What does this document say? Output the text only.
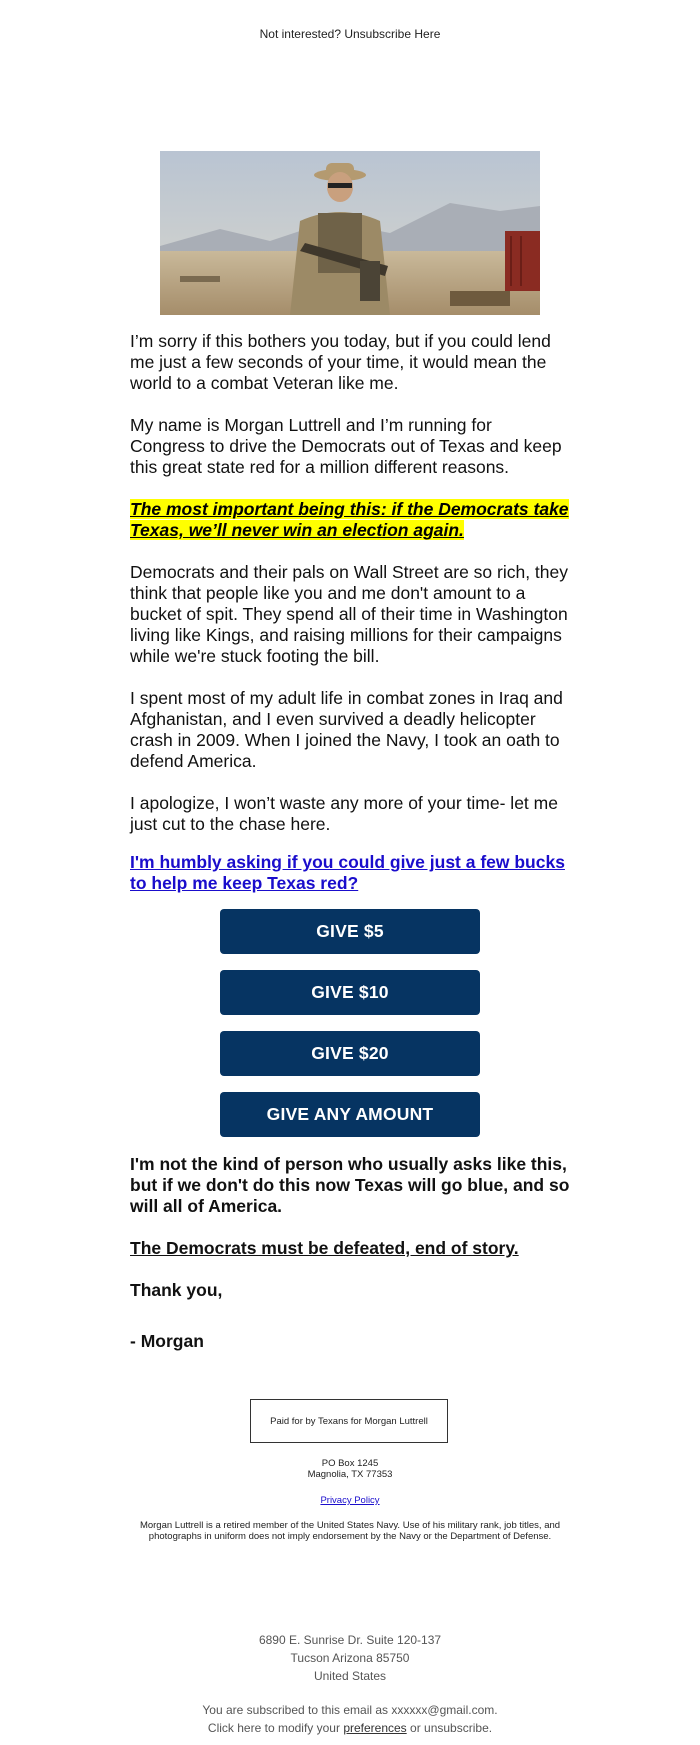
Not interested? Unsubscribe Here

I’m sorry if this bothers you today, but if you could lend me just a few seconds of your time, it would mean the world to a combat Veteran like me.

My name is Morgan Luttrell and I’m running for Congress to drive the Democrats out of Texas and keep this great state red for a million different reasons.

The most important being this: if the Democrats take Texas, we’ll never win an election again.

Democrats and their pals on Wall Street are so rich, they think that people like you and me don't amount to a bucket of spit. They spend all of their time in Washington living like Kings, and raising millions for their campaigns while we're stuck footing the bill.

I spent most of my adult life in combat zones in Iraq and Afghanistan, and I even survived a deadly helicopter crash in 2009. When I joined the Navy, I took an oath to defend America.

I apologize, I won’t waste any more of your time- let me just cut to the chase here.

I'm humbly asking if you could give just a few bucks to help me keep Texas red?
GIVE $5
GIVE $10
GIVE $20
GIVE ANY AMOUNT

I'm not the kind of person who usually asks like this, but if we don't do this now Texas will go blue, and so will all of America.

The Democrats must be defeated, end of story.

Thank you,

- Morgan

Paid for by Texans for Morgan Luttrell
PO Box 1245
Magnolia, TX 77353
Privacy Policy
Morgan Luttrell is a retired member of the United States Navy. Use of his military rank, job titles, and photographs in uniform does not imply endorsement by the Navy or the Department of Defense.
6890 E. Sunrise Dr. Suite 120-137
Tucson Arizona 85750
United States
You are subscribed to this email as xxxxxx@gmail.com.
Click here to modify your preferences or unsubscribe.
